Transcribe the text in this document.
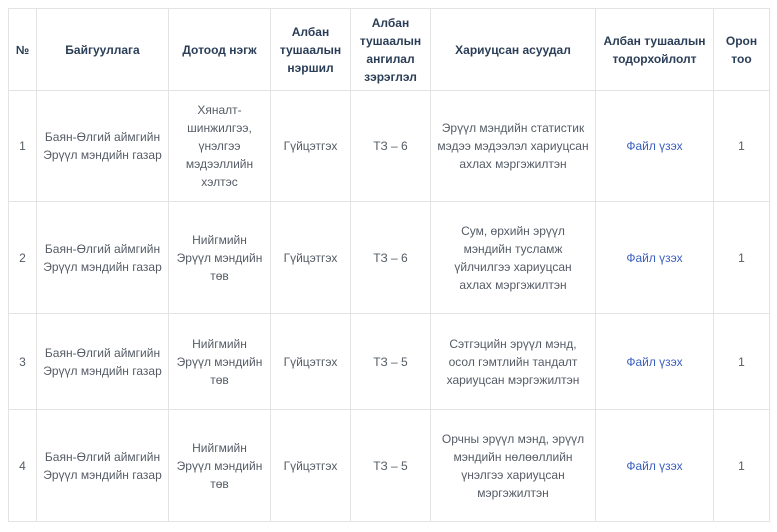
№	Байгууллага	Дотоод нэгж	Албан тушаалын нэршил	Албан тушаалын ангилал зэрэглэл	Хариуцсан асуудал	Албан тушаалын тодорхойлолт	Орон тоо
1	Баян-Өлгий аймгийн Эрүүл мэндийн газар	Хяналт-шинжилгээ, үнэлгээ мэдээллийн хэлтэс	Гүйцэтгэх	ТЗ – 6	Эрүүл мэндийн статистик мэдээ мэдээлэл хариуцсан ахлах мэргэжилтэн	Файл үзэх	1
2	Баян-Өлгий аймгийн Эрүүл мэндийн газар	Нийгмийн Эрүүл мэндийн төв	Гүйцэтгэх	ТЗ – 6	Сум, өрхийн эрүүл мэндийн тусламж үйлчилгээ хариуцсан ахлах мэргэжилтэн	Файл үзэх	1
3	Баян-Өлгий аймгийн Эрүүл мэндийн газар	Нийгмийн Эрүүл мэндийн төв	Гүйцэтгэх	ТЗ – 5	Сэтгэцийн эрүүл мэнд, осол гэмтлийн тандалт хариуцсан мэргэжилтэн	Файл үзэх	1
4	Баян-Өлгий аймгийн Эрүүл мэндийн газар	Нийгмийн Эрүүл мэндийн төв	Гүйцэтгэх	ТЗ – 5	Орчны эрүүл мэнд, эрүүл мэндийн нөлөөллийн үнэлгээ хариуцсан мэргэжилтэн	Файл үзэх	1
